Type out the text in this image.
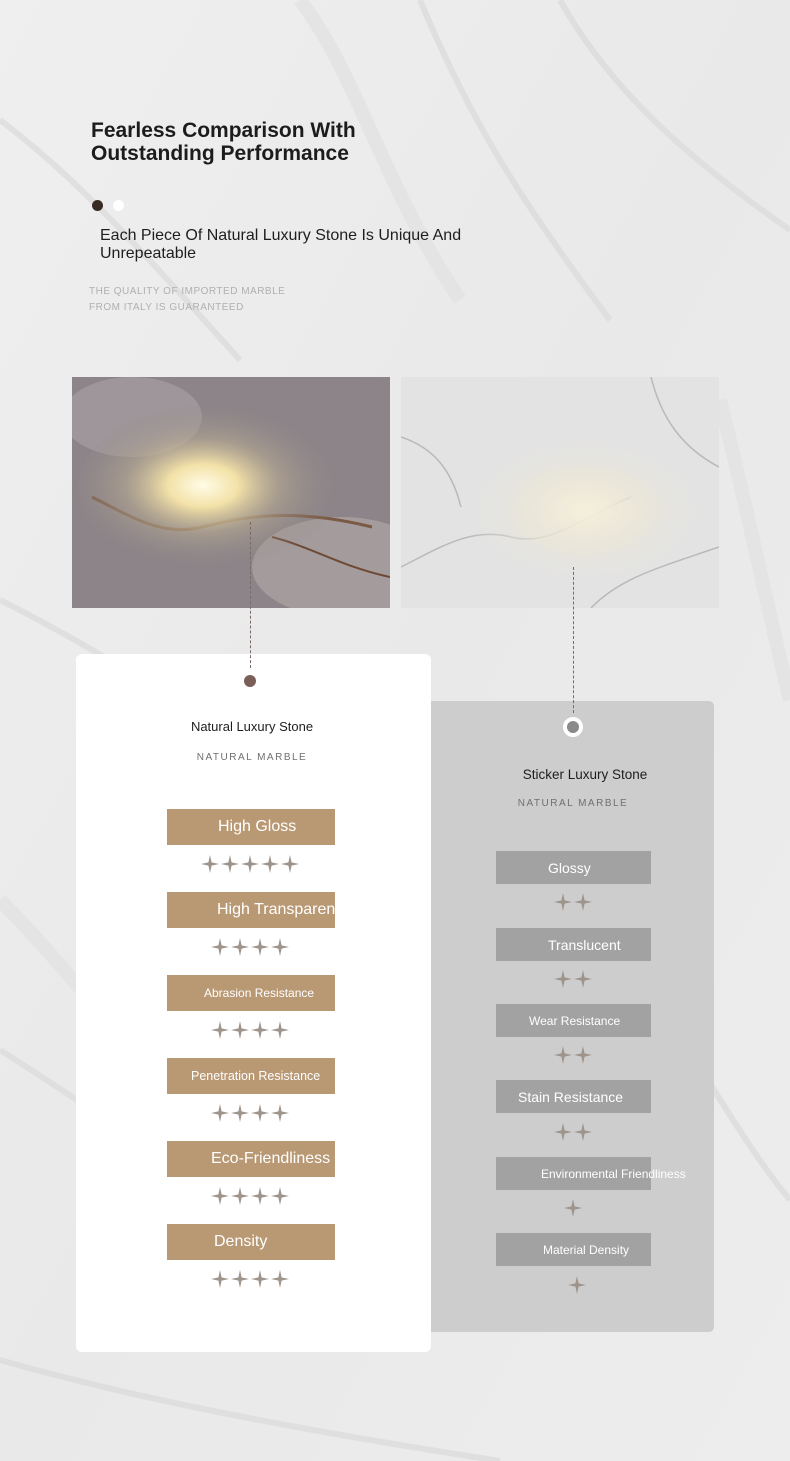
Fearless Comparison With Outstanding Performance
Each Piece Of Natural Luxury Stone Is Unique And Unrepeatable
THE QUALITY OF IMPORTED MARBLE
FROM ITALY IS GUARANTEED
Natural Luxury Stone
NATURAL MARBLE
Sticker Luxury Stone
NATURAL MARBLE
High Gloss
High Transparency
Abrasion Resistance
Penetration Resistance
Eco-Friendliness
Density
Glossy
Translucent
Wear Resistance
Stain Resistance
Environmental Friendliness
Material Density
